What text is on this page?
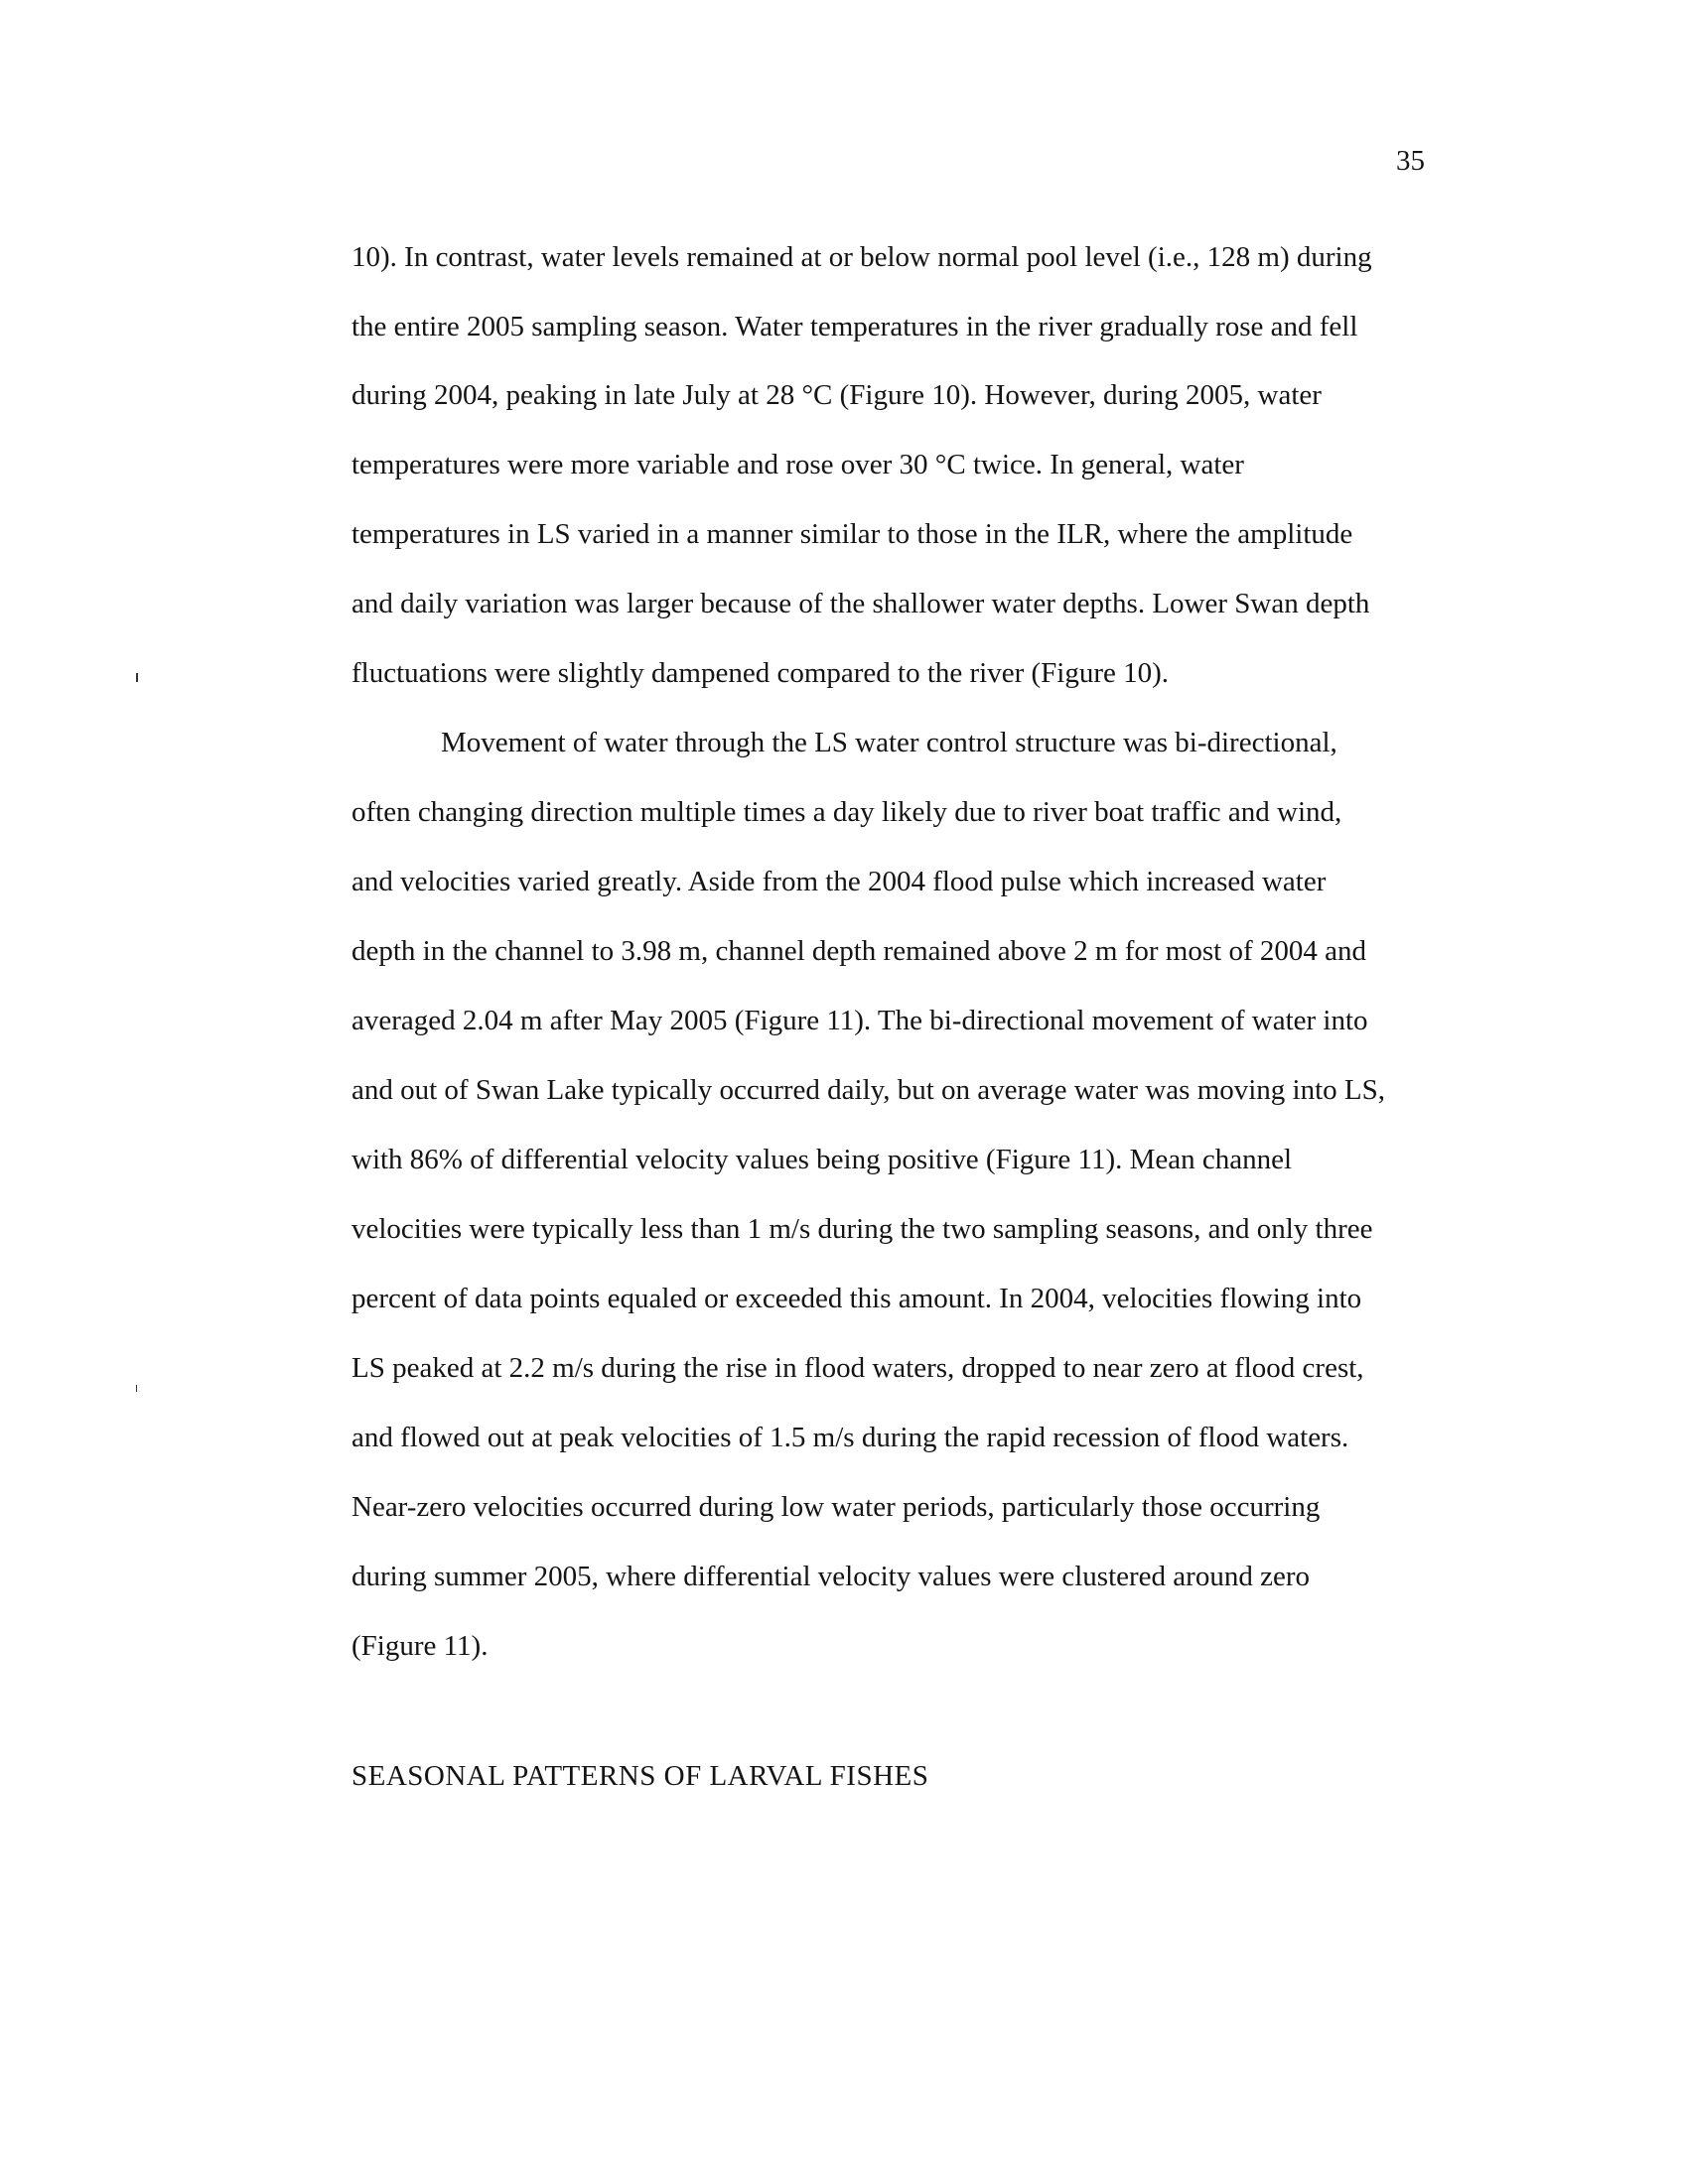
35
10). In contrast, water levels remained at or below normal pool level (i.e., 128 m) during
the entire 2005 sampling season. Water temperatures in the river gradually rose and fell
during 2004, peaking in late July at 28 °C (Figure 10). However, during 2005, water
temperatures were more variable and rose over 30 °C twice. In general, water
temperatures in LS varied in a manner similar to those in the ILR, where the amplitude
and daily variation was larger because of the shallower water depths. Lower Swan depth
fluctuations were slightly dampened compared to the river (Figure 10).
Movement of water through the LS water control structure was bi-directional,
often changing direction multiple times a day likely due to river boat traffic and wind,
and velocities varied greatly. Aside from the 2004 flood pulse which increased water
depth in the channel to 3.98 m, channel depth remained above 2 m for most of 2004 and
averaged 2.04 m after May 2005 (Figure 11). The bi-directional movement of water into
and out of Swan Lake typically occurred daily, but on average water was moving into LS,
with 86% of differential velocity values being positive (Figure 11). Mean channel
velocities were typically less than 1 m/s during the two sampling seasons, and only three
percent of data points equaled or exceeded this amount. In 2004, velocities flowing into
LS peaked at 2.2 m/s during the rise in flood waters, dropped to near zero at flood crest,
and flowed out at peak velocities of 1.5 m/s during the rapid recession of flood waters.
Near-zero velocities occurred during low water periods, particularly those occurring
during summer 2005, where differential velocity values were clustered around zero
(Figure 11).
SEASONAL PATTERNS OF LARVAL FISHES
